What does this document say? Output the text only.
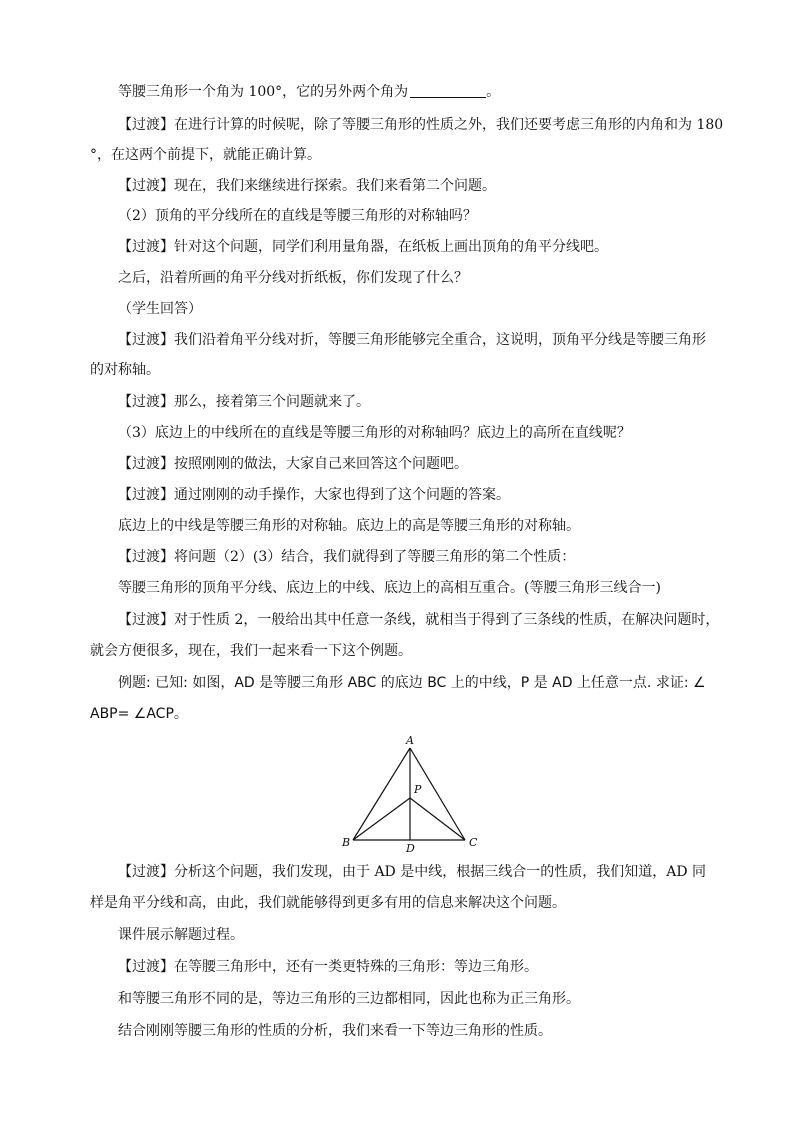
等腰三角形一个角为 100°，它的另外两个角为	。
【过渡】在进行计算的时候呢，除了等腰三角形的性质之外，我们还要考虑三角形的内角和为 180
°，在这两个前提下，就能正确计算。
【过渡】现在，我们来继续进行探索。我们来看第二个问题。
（2）顶角的平分线所在的直线是等腰三角形的对称轴吗？
【过渡】针对这个问题，同学们利用量角器，在纸板上画出顶角的角平分线吧。
之后，沿着所画的角平分线对折纸板，你们发现了什么？
（学生回答）
【过渡】我们沿着角平分线对折，等腰三角形能够完全重合，这说明，顶角平分线是等腰三角形
的对称轴。
【过渡】那么，接着第三个问题就来了。
（3）底边上的中线所在的直线是等腰三角形的对称轴吗？底边上的高所在直线呢？
【过渡】按照刚刚的做法，大家自己来回答这个问题吧。
【过渡】通过刚刚的动手操作，大家也得到了这个问题的答案。
底边上的中线是等腰三角形的对称轴。底边上的高是等腰三角形的对称轴。
【过渡】将问题（2）(3）结合，我们就得到了等腰三角形的第二个性质：
等腰三角形的顶角平分线、底边上的中线、底边上的高相互重合。(等腰三角形三线合一)
【过渡】对于性质 2，一般给出其中任意一条线，就相当于得到了三条线的性质，在解决问题时，
就会方便很多，现在，我们一起来看一下这个例题。
例题: 已知: 如图，AD 是等腰三角形 ABC 的底边 BC 上的中线，P 是 AD 上任意一点. 求证: ∠
ABP= ∠ACP。
A
P
B	D	C
【过渡】分析这个问题，我们发现，由于 AD 是中线，根据三线合一的性质，我们知道，AD 同
样是角平分线和高，由此，我们就能够得到更多有用的信息来解决这个问题。
课件展示解题过程。
【过渡】在等腰三角形中，还有一类更特殊的三角形：等边三角形。
和等腰三角形不同的是，等边三角形的三边都相同，因此也称为正三角形。
结合刚刚等腰三角形的性质的分析，我们来看一下等边三角形的性质。
